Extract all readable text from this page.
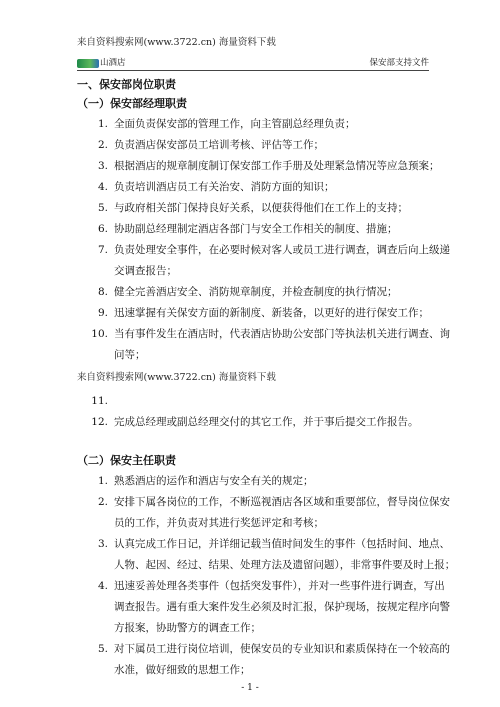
来自资料搜索网(www.3722.cn) 海量资料下载
山酒店	保安部支持文件
一、保安部岗位职责
（一）保安部经理职责
1. 全面负责保安部的管理工作，向主管副总经理负责；
2. 负责酒店保安部员工培训考核、评估等工作；
3. 根据酒店的规章制度制订保安部工作手册及处理紧急情况等应急预案；
4. 负责培训酒店员工有关治安、消防方面的知识；
5. 与政府相关部门保持良好关系，以便获得他们在工作上的支持；
6. 协助副总经理制定酒店各部门与安全工作相关的制度、措施；
7. 负责处理安全事件，在必要时候对客人或员工进行调查，调查后向上级递
交调查报告；
8. 健全完善酒店安全、消防规章制度，并检查制度的执行情况；
9. 迅速掌握有关保安方面的新制度、新装备，以更好的进行保安工作；
10. 当有事件发生在酒店时，代表酒店协助公安部门等执法机关进行调查、询
问等；
来自资料搜索网(www.3722.cn) 海量资料下载
11.
12. 完成总经理或副总经理交付的其它工作，并于事后提交工作报告。
（二）保安主任职责
1. 熟悉酒店的运作和酒店与安全有关的规定；
2. 安排下属各岗位的工作，不断巡视酒店各区域和重要部位，督导岗位保安
员的工作，并负责对其进行奖惩评定和考核；
3. 认真完成工作日记，并详细记载当值时间发生的事件（包括时间、地点、
人物、起因、经过、结果、处理方法及遗留问题），非常事件要及时上报；
4. 迅速妥善处理各类事件（包括突发事件），并对一些事件进行调查，写出
调查报告。遇有重大案件发生必须及时汇报，保护现场，按规定程序向警
方报案，协助警方的调查工作；
5. 对下属员工进行岗位培训，使保安员的专业知识和素质保持在一个较高的
水准，做好细致的思想工作；
- 1 -
